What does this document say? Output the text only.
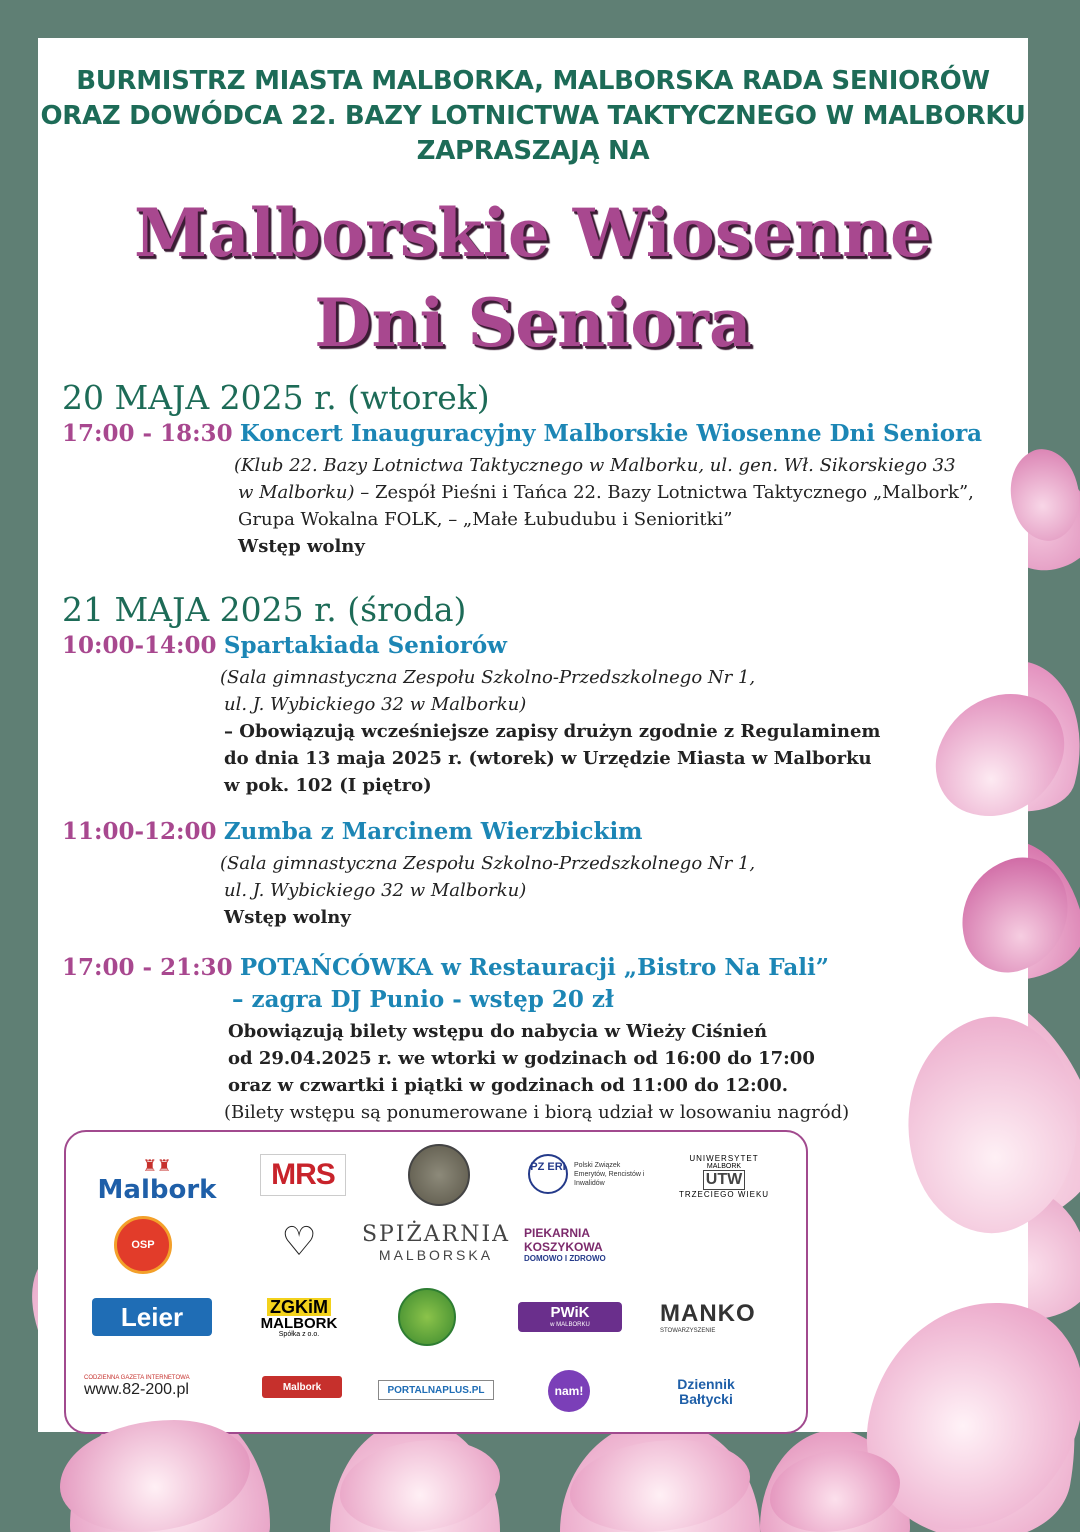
BURMISTRZ MIASTA MALBORKA, MALBORSKA RADA SENIORÓW
ORAZ DOWÓDCA 22. BAZY LOTNICTWA TAKTYCZNEGO W MALBORKU
ZAPRASZAJĄ NA
Malborskie Wiosenne
Dni Seniora
20 MAJA 2025 r. (wtorek)
17:00 - 18:30 Koncert Inauguracyjny Malborskie Wiosenne Dni Seniora
(Klub 22. Bazy Lotnictwa Taktycznego w Malborku, ul. gen. Wł. Sikorskiego 33
w Malborku) – Zespół Pieśni i Tańca 22. Bazy Lotnictwa Taktycznego „Malbork”,
Grupa Wokalna FOLK, – „Małe Łubudubu i Senioritki”
Wstęp wolny
21 MAJA 2025 r. (środa)
10:00-14:00 Spartakiada Seniorów
(Sala gimnastyczna Zespołu Szkolno-Przedszkolnego Nr 1,
ul. J. Wybickiego 32 w Malborku)
– Obowiązują wcześniejsze zapisy drużyn zgodnie z Regulaminem
do dnia 13 maja 2025 r. (wtorek) w Urzędzie Miasta w Malborku
w pok. 102 (I piętro)
11:00-12:00 Zumba z Marcinem Wierzbickim
(Sala gimnastyczna Zespołu Szkolno-Przedszkolnego Nr 1,
ul. J. Wybickiego 32 w Malborku)
Wstęp wolny
17:00 - 21:30 POTAŃCÓWKA w Restauracji „Bistro Na Fali”
– zagra DJ Punio - wstęp 20 zł
Obowiązują bilety wstępu do nabycia w Wieży Ciśnień
od 29.04.2025 r. we wtorki w godzinach od 16:00 do 17:00
oraz w czwartki i piątki w godzinach od 11:00 do 12:00.
(Bilety wstępu są ponumerowane i biorą udział w losowaniu nagród)
♜♜
Malbork MRS	PZ ERI	Polski Związek Emerytów, Rencistów i Inwalidów
UNIWERSYTET
MALBORK
UTW
TRZECIEGO WIEKU
OSP	♡	SPIŻARNIA
MALBORSKA
PIEKARNIA
KOSZYKOWA
DOMOWO I ZDROWO
Leier	ZGKiM
MALBORK
Spółka z o.o.
PWiK
w MALBORKU	MANKO
STOWARZYSZENIE
CODZIENNA GAZETA INTERNETOWA
www.82-200.pl	Malbork	PORTALNAPLUS.PL	nam!	Dziennik
Bałtycki
